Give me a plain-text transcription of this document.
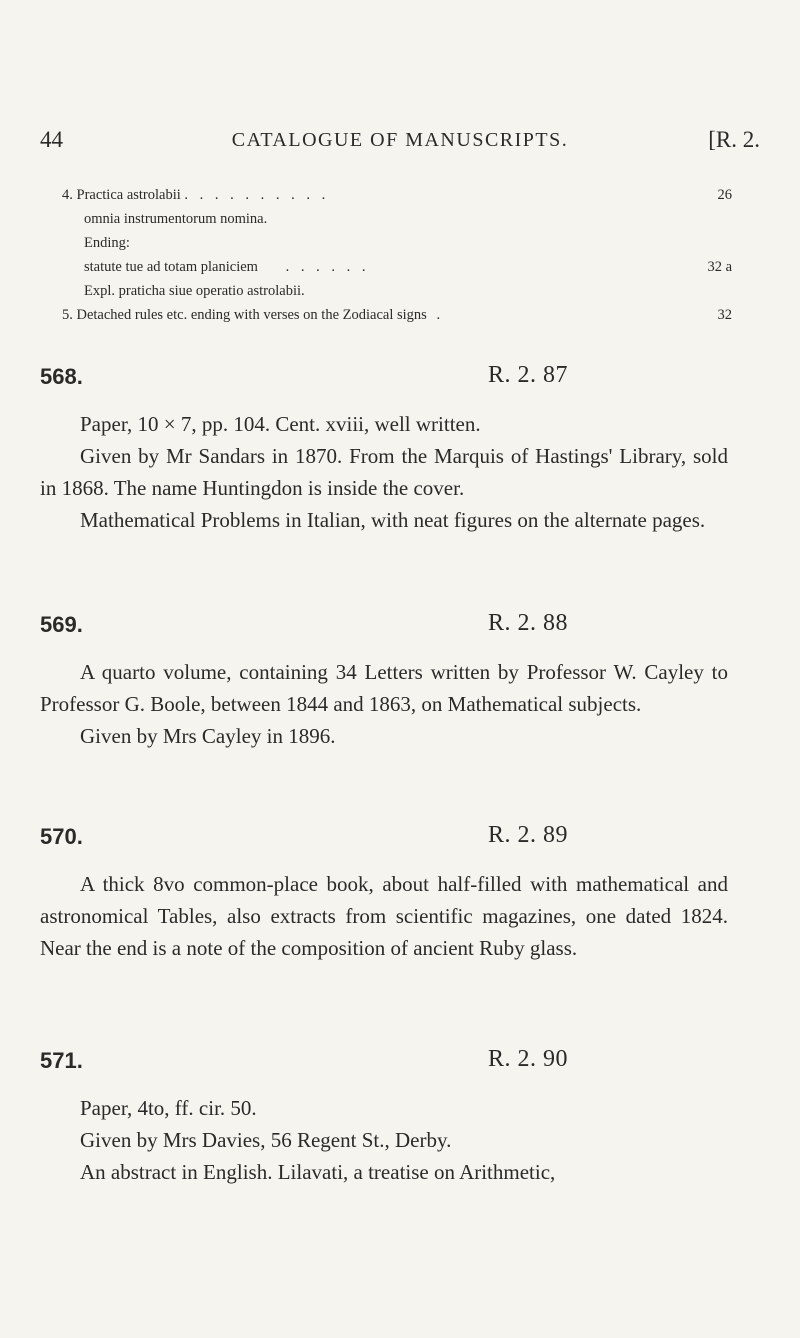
44	CATALOGUE OF MANUSCRIPTS.	[R. 2.
4. Practica astrolabii . . . . . . . . . .	26
omnia instrumentorum nomina.
Ending:
statute tue ad totam planiciem . . . . . .	32 a
Expl. praticha siue operatio astrolabii.
5. Detached rules etc. ending with verses on the Zodiacal signs .	32
568.	R. 2. 87

Paper, 10 × 7, pp. 104. Cent. xviii, well written.

Given by Mr Sandars in 1870. From the Marquis of Hastings' Library, sold in 1868. The name Huntingdon is inside the cover.

Mathematical Problems in Italian, with neat figures on the alternate pages.

569.	R. 2. 88

A quarto volume, containing 34 Letters written by Professor W. Cayley to Professor G. Boole, between 1844 and 1863, on Mathematical subjects.

Given by Mrs Cayley in 1896.

570.	R. 2. 89

A thick 8vo common-place book, about half-filled with mathematical and astronomical Tables, also extracts from scientific magazines, one dated 1824. Near the end is a note of the composition of ancient Ruby glass.

571.	R. 2. 90

Paper, 4to, ff. cir. 50.

Given by Mrs Davies, 56 Regent St., Derby.

An abstract in English. Lilavati, a treatise on Arithmetic,
